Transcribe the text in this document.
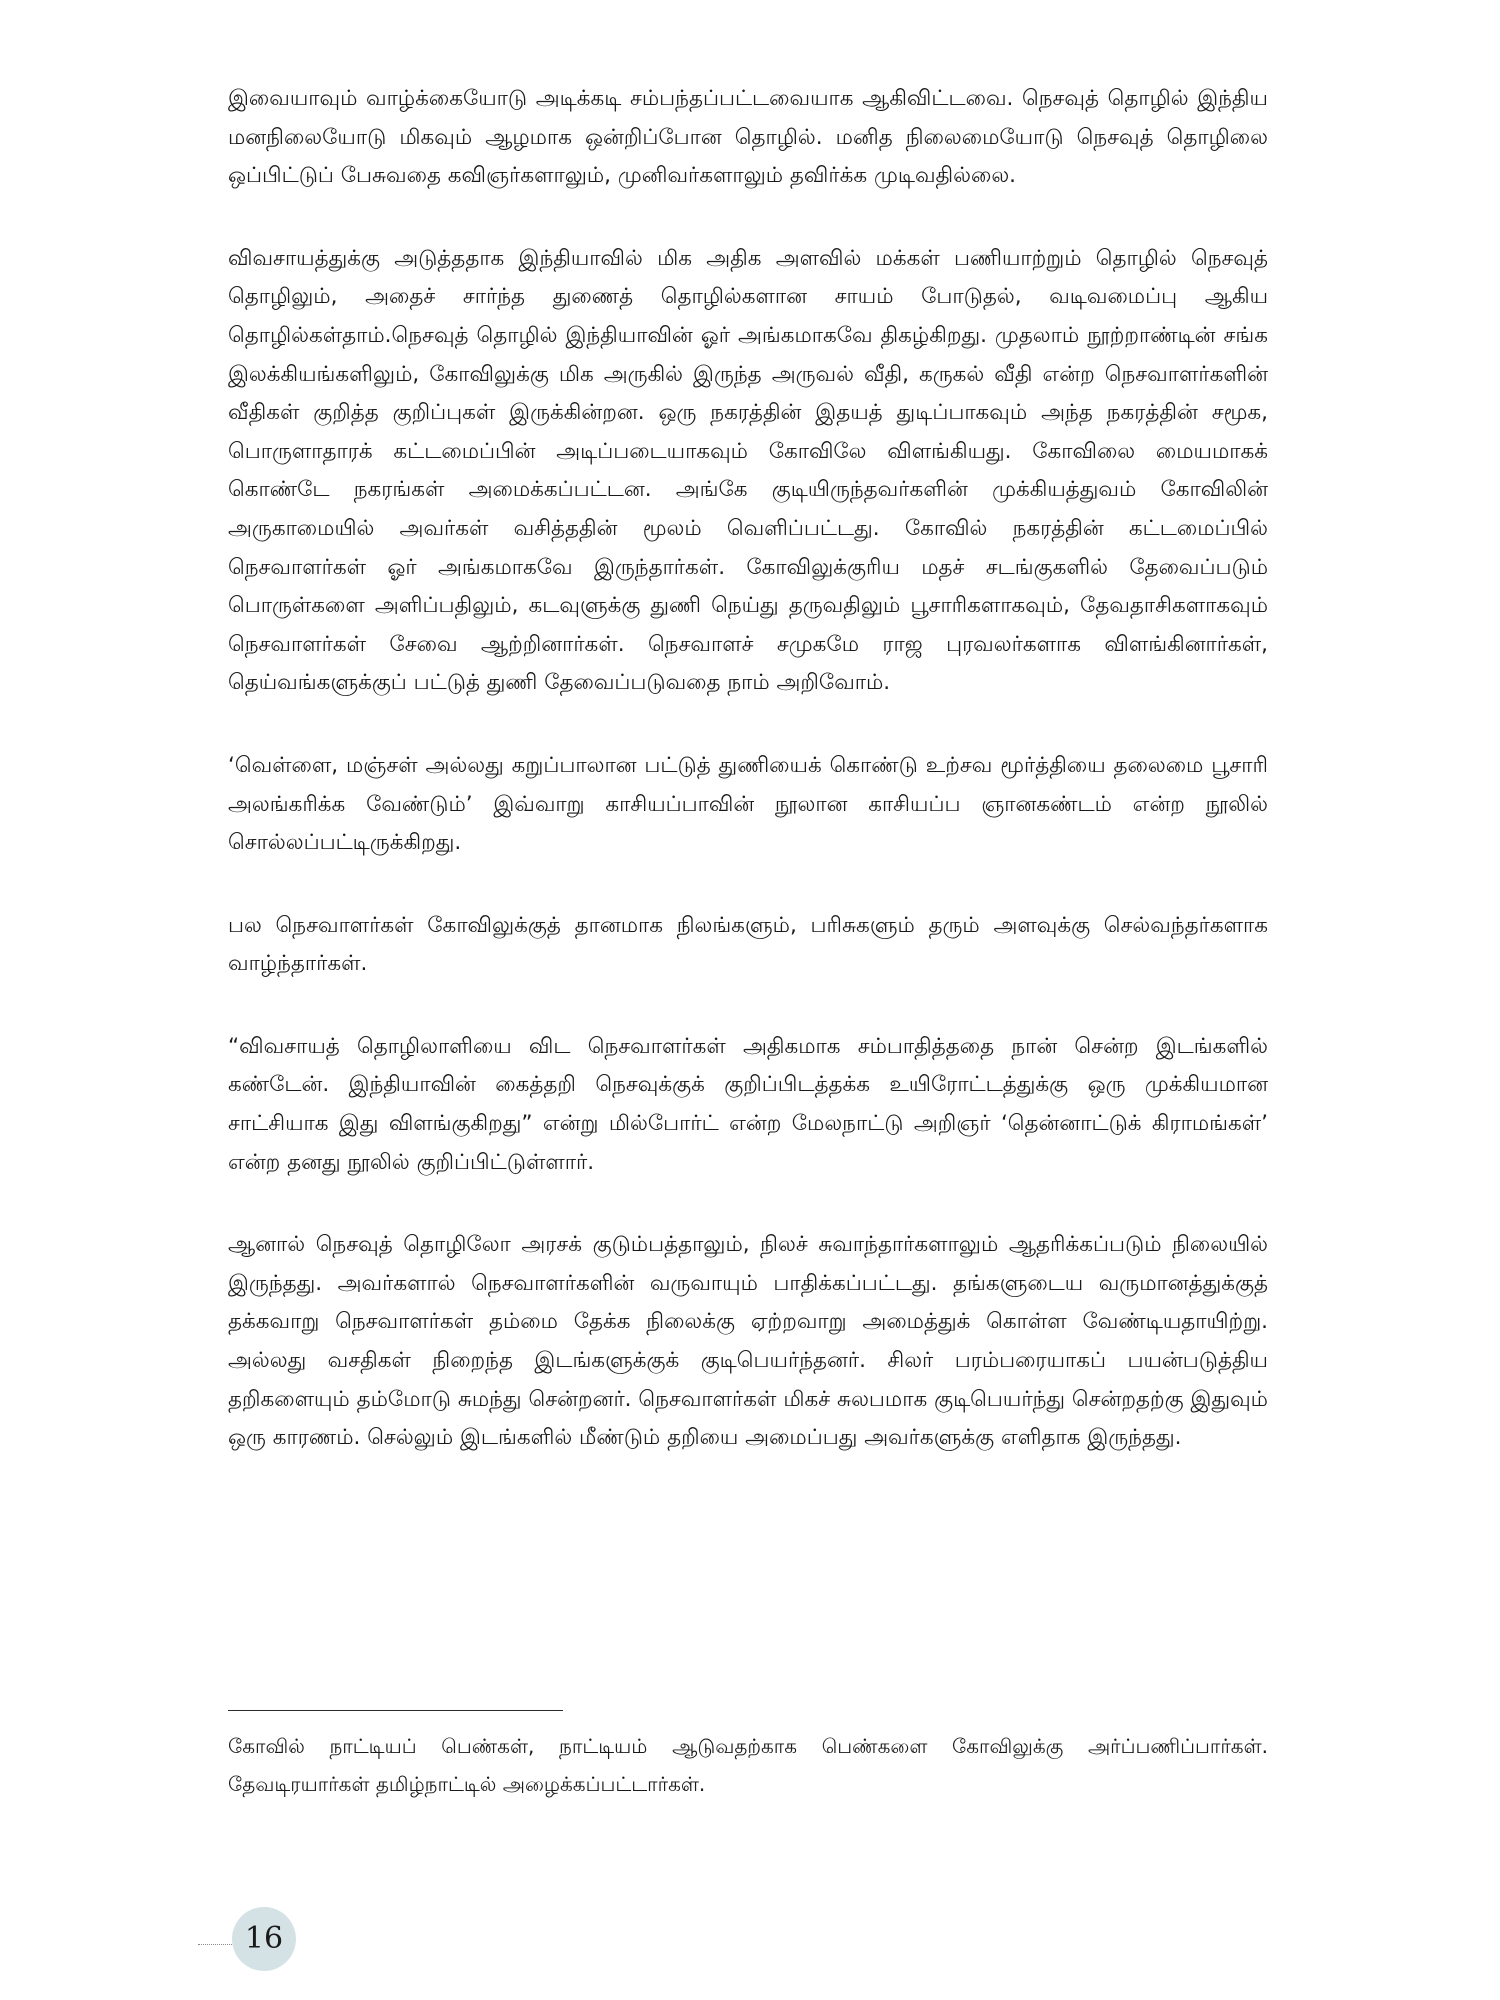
இவையாவும் வாழ்க்கையோடு அடிக்கடி சம்பந்தப்பட்டவையாக ஆகிவிட்டவை. நெசவுத் தொழில் இந்திய மனநிலையோடு மிகவும் ஆழமாக ஒன்றிப்போன தொழில். மனித நிலைமையோடு நெசவுத் தொழிலை ஒப்பிட்டுப் பேசுவதை கவிஞர்களாலும், முனிவர்களாலும் தவிர்க்க முடிவதில்லை.

விவசாயத்துக்கு அடுத்ததாக இந்தியாவில் மிக அதிக அளவில் மக்கள் பணியாற்றும் தொழில் நெசவுத் தொழிலும், அதைச் சார்ந்த துணைத் தொழில்களான சாயம் போடுதல், வடிவமைப்பு ஆகிய தொழில்கள்தாம்.நெசவுத் தொழில் இந்தியாவின் ஓர் அங்கமாகவே திகழ்கிறது. முதலாம் நூற்றாண்டின் சங்க இலக்கியங்களிலும், கோவிலுக்கு மிக அருகில் இருந்த அருவல் வீதி, கருகல் வீதி என்ற நெசவாளர்களின் வீதிகள் குறித்த குறிப்புகள் இருக்கின்றன. ஒரு நகரத்தின் இதயத் துடிப்பாகவும் அந்த நகரத்தின் சமூக, பொருளாதாரக் கட்டமைப்பின் அடிப்படையாகவும் கோவிலே விளங்கியது. கோவிலை மையமாகக் கொண்டே நகரங்கள் அமைக்கப்பட்டன. அங்கே குடியிருந்தவர்களின் முக்கியத்துவம் கோவிலின் அருகாமையில் அவர்கள் வசித்ததின் மூலம் வெளிப்பட்டது. கோவில் நகரத்தின் கட்டமைப்பில் நெசவாளர்கள் ஓர் அங்கமாகவே இருந்தார்கள். கோவிலுக்குரிய மதச் சடங்குகளில் தேவைப்படும் பொருள்களை அளிப்பதிலும், கடவுளுக்கு துணி நெய்து தருவதிலும் பூசாரிகளாகவும், தேவதாசிகளாகவும் நெசவாளர்கள் சேவை ஆற்றினார்கள். நெசவாளச் சமுகமே ராஜ புரவலர்களாக விளங்கினார்கள், தெய்வங்களுக்குப் பட்டுத் துணி தேவைப்படுவதை நாம் அறிவோம்.

‘வெள்ளை, மஞ்சள் அல்லது கறுப்பாலான பட்டுத் துணியைக் கொண்டு உற்சவ மூர்த்தியை தலைமை பூசாரி அலங்கரிக்க வேண்டும்’ இவ்வாறு காசியப்பாவின் நூலான காசியப்ப ஞானகண்டம் என்ற நூலில் சொல்லப்பட்டிருக்கிறது.

பல நெசவாளர்கள் கோவிலுக்குத் தானமாக நிலங்களும், பரிசுகளும் தரும் அளவுக்கு செல்வந்தர்களாக வாழ்ந்தார்கள்.

“விவசாயத் தொழிலாளியை விட நெசவாளர்கள் அதிகமாக சம்பாதித்ததை நான் சென்ற இடங்களில் கண்டேன். இந்தியாவின் கைத்தறி நெசவுக்குக் குறிப்பிடத்தக்க உயிரோட்டத்துக்கு ஒரு முக்கியமான சாட்சியாக இது விளங்குகிறது” என்று மில்போர்ட் என்ற மேலநாட்டு அறிஞர் ‘தென்னாட்டுக் கிராமங்கள்’ என்ற தனது நூலில் குறிப்பிட்டுள்ளார்.

ஆனால் நெசவுத் தொழிலோ அரசக் குடும்பத்தாலும், நிலச் சுவாந்தார்களாலும் ஆதரிக்கப்படும் நிலையில் இருந்தது. அவர்களால் நெசவாளர்களின் வருவாயும் பாதிக்கப்பட்டது. தங்களுடைய வருமானத்துக்குத் தக்கவாறு நெசவாளர்கள் தம்மை தேக்க நிலைக்கு ஏற்றவாறு அமைத்துக் கொள்ள வேண்டியதாயிற்று. அல்லது வசதிகள் நிறைந்த இடங்களுக்குக் குடிபெயர்ந்தனர். சிலர் பரம்பரையாகப் பயன்படுத்திய தறிகளையும் தம்மோடு சுமந்து சென்றனர். நெசவாளர்கள் மிகச் சுலபமாக குடிபெயர்ந்து சென்றதற்கு இதுவும் ஒரு காரணம். செல்லும் இடங்களில் மீண்டும் தறியை அமைப்பது அவர்களுக்கு எளிதாக இருந்தது.

கோவில் நாட்டியப் பெண்கள், நாட்டியம் ஆடுவதற்காக பெண்களை கோவிலுக்கு அர்ப்பணிப்பார்கள். தேவடிரயார்கள் தமிழ்நாட்டில் அழைக்கப்பட்டார்கள்.

16
